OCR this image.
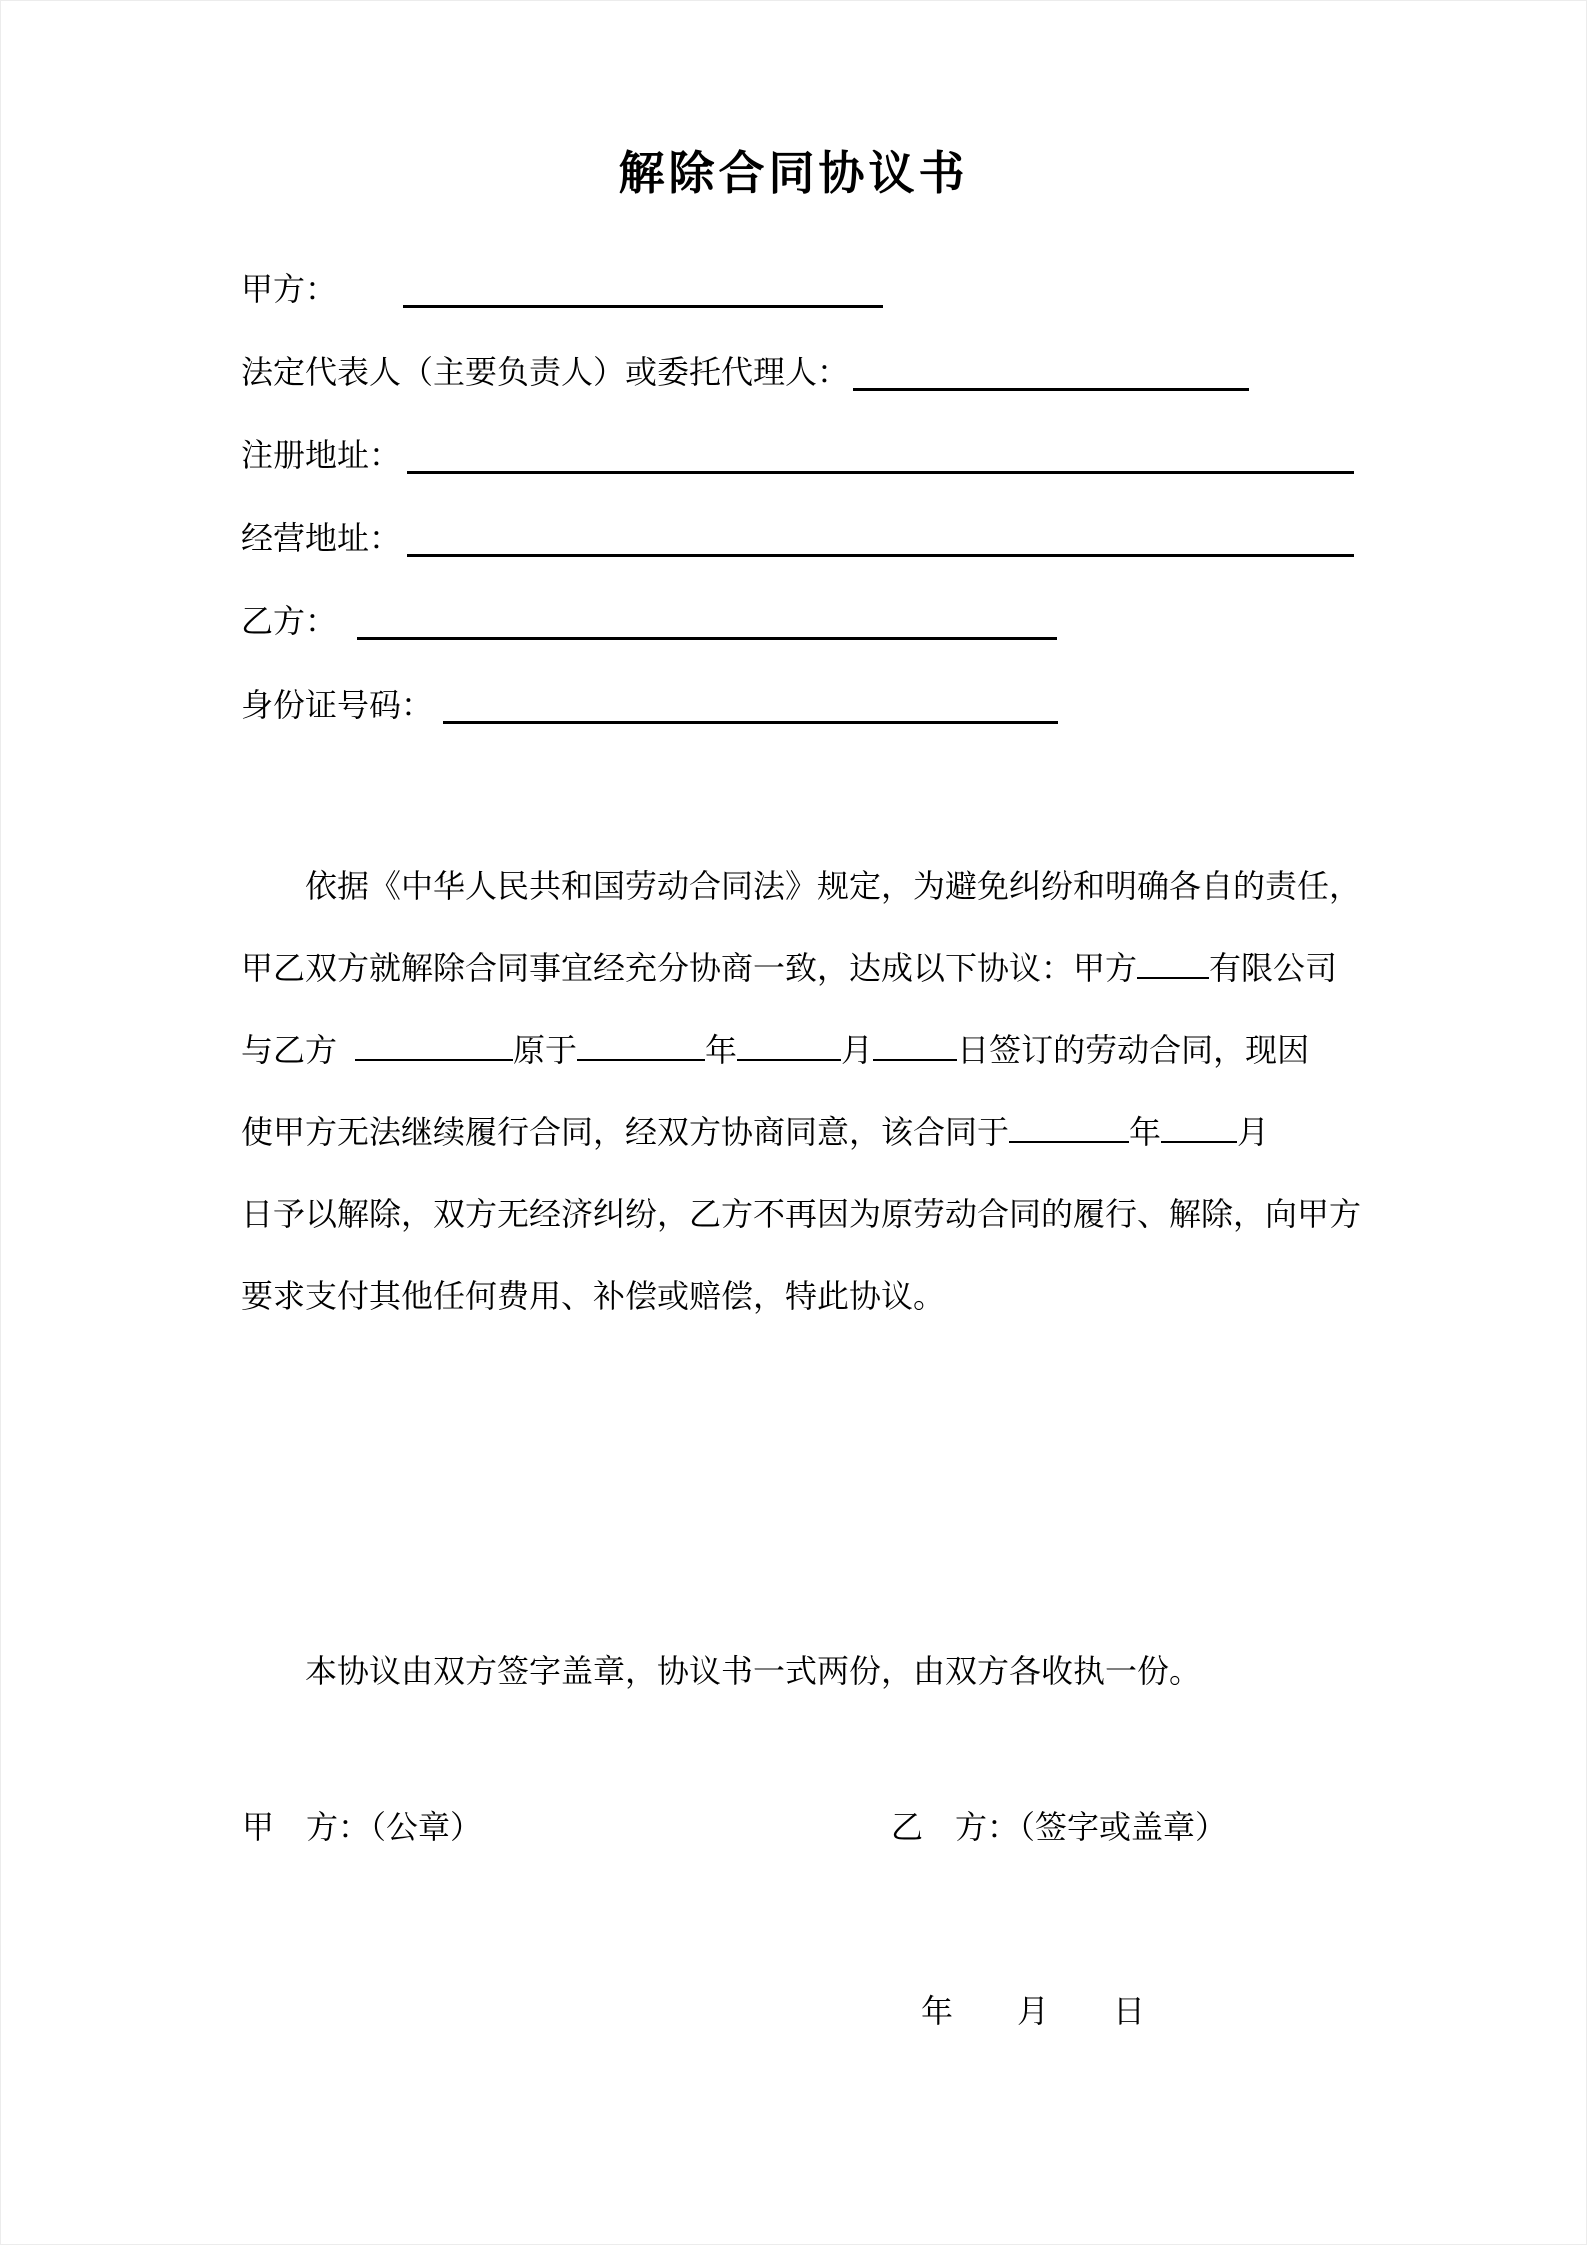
解除合同协议书
甲方：
法定代表人（主要负责人）或委托代理人：
注册地址：
经营地址：
乙方：
身份证号码：
依据《中华人民共和国劳动合同法》规定，为避免纠纷和明确各自的责任，
甲乙双方就解除合同事宜经充分协商一致，达成以下协议：甲方 有限公司
与乙方	原于	年	月	日签订的劳动合同，现因
使甲方无法继续履行合同，经双方协商同意，该合同于	年 月
日予以解除，双方无经济纠纷，乙方不再因为原劳动合同的履行、解除，向甲方
要求支付其他任何费用、补偿或赔偿，特此协议。
本协议由双方签字盖章，协议书一式两份，由双方各收执一份。
甲　方：（公章）	乙　方：（签字或盖章）
年 月 日
